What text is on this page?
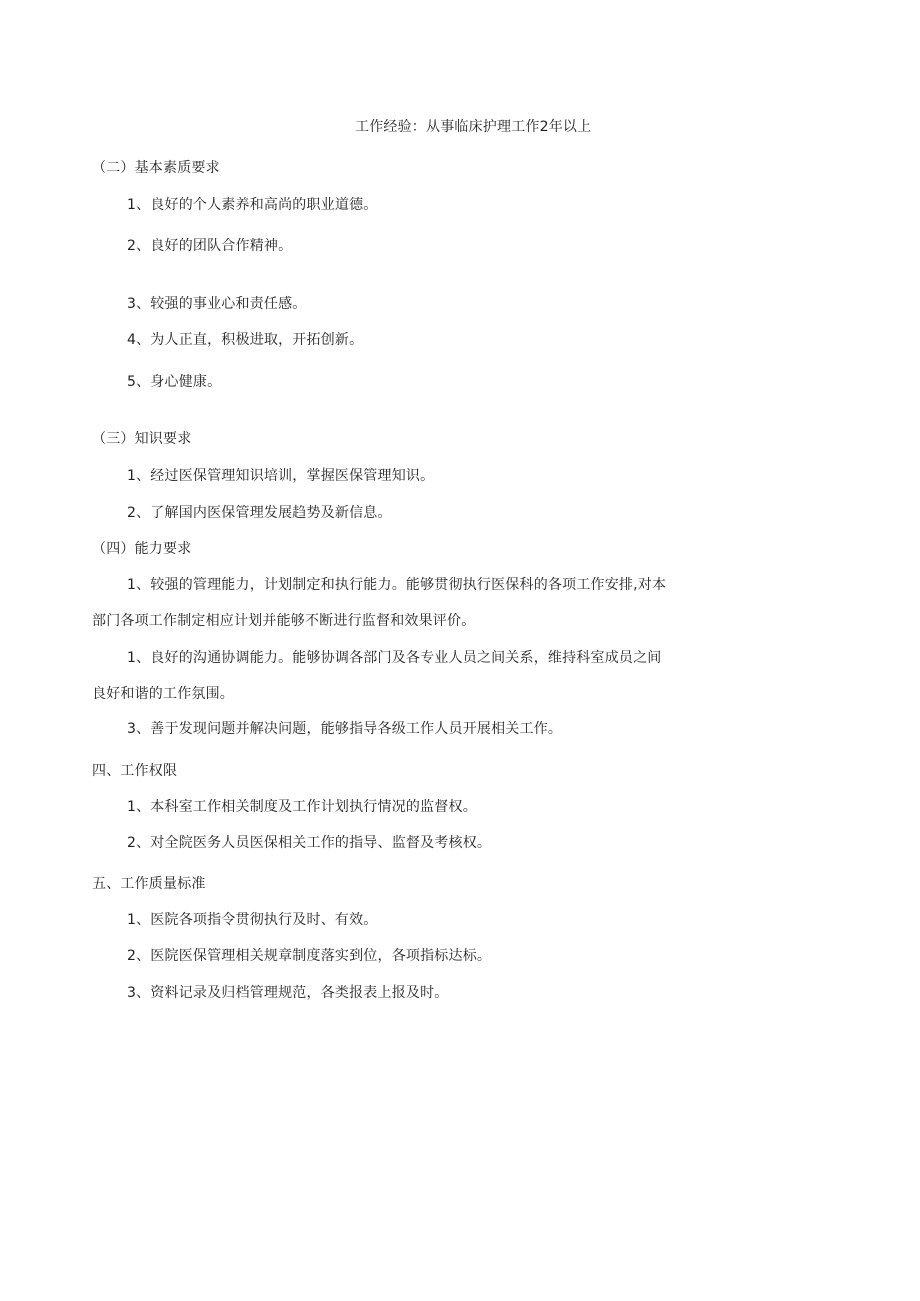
工作经验：从事临床护理工作2年以上
（二）基本素质要求
1、良好的个人素养和高尚的职业道德。
2、良好的团队合作精神。
3、较强的事业心和责任感。
4、为人正直，积极进取，开拓创新。
5、身心健康。
（三）知识要求
1、经过医保管理知识培训，掌握医保管理知识。
2、了解国内医保管理发展趋势及新信息。
（四）能力要求
1、较强的管理能力，计划制定和执行能力。能够贯彻执行医保科的各项工作安排,对本
部门各项工作制定相应计划并能够不断进行监督和效果评价。
1、良好的沟通协调能力。能够协调各部门及各专业人员之间关系，维持科室成员之间
良好和谐的工作氛围。
3、善于发现问题并解决问题，能够指导各级工作人员开展相关工作。
四、工作权限
1、本科室工作相关制度及工作计划执行情况的监督权。
2、对全院医务人员医保相关工作的指导、监督及考核权。
五、工作质量标准
1、医院各项指令贯彻执行及时、有效。
2、医院医保管理相关规章制度落实到位，各项指标达标。
3、资料记录及归档管理规范，各类报表上报及时。
